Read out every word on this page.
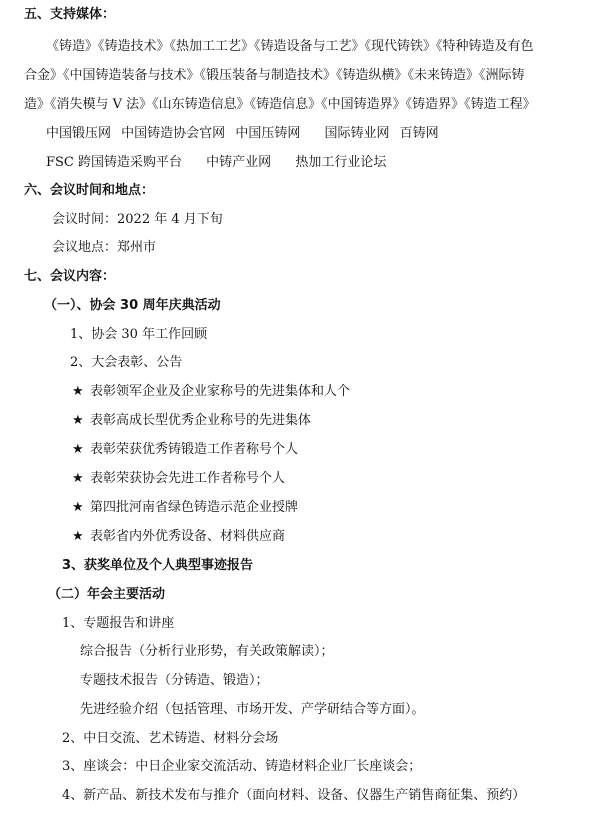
五、支持媒体：
《铸造》《铸造技术》《热加工工艺》《铸造设备与工艺》《现代铸铁》《特种铸造及有色
合金》《中国铸造装备与技术》《锻压装备与制造技术》《铸造纵横》《未来铸造》《洲际铸
造》《消失模与 V 法》《山东铸造信息》《铸造信息》《中国铸造界》《铸造界》《铸造工程》
中国锻压网 中国铸造协会官网 中国压铸网 国际铸业网 百铸网
FSC 跨国铸造采购平台 中铸产业网 热加工行业论坛
六、会议时间和地点：
会议时间：2022 年 4 月下旬
会议地点：郑州市
七、会议内容：
（一）、协会 30 周年庆典活动
1、协会 30 年工作回顾
2、大会表彰、公告
★ 表彰领军企业及企业家称号的先进集体和人个
★ 表彰高成长型优秀企业称号的先进集体
★ 表彰荣获优秀铸锻造工作者称号个人
★ 表彰荣获协会先进工作者称号个人
★ 第四批河南省绿色铸造示范企业授牌
★ 表彰省内外优秀设备、材料供应商
3、获奖单位及个人典型事迹报告
（二）年会主要活动
1、专题报告和讲座
综合报告（分析行业形势，有关政策解读）；
专题技术报告（分铸造、锻造）；
先进经验介绍（包括管理、市场开发、产学研结合等方面）。
2、中日交流、艺术铸造、材料分会场
3、座谈会：中日企业家交流活动、铸造材料企业厂长座谈会；
4、新产品、新技术发布与推介（面向材料、设备、仪器生产销售商征集、预约）
